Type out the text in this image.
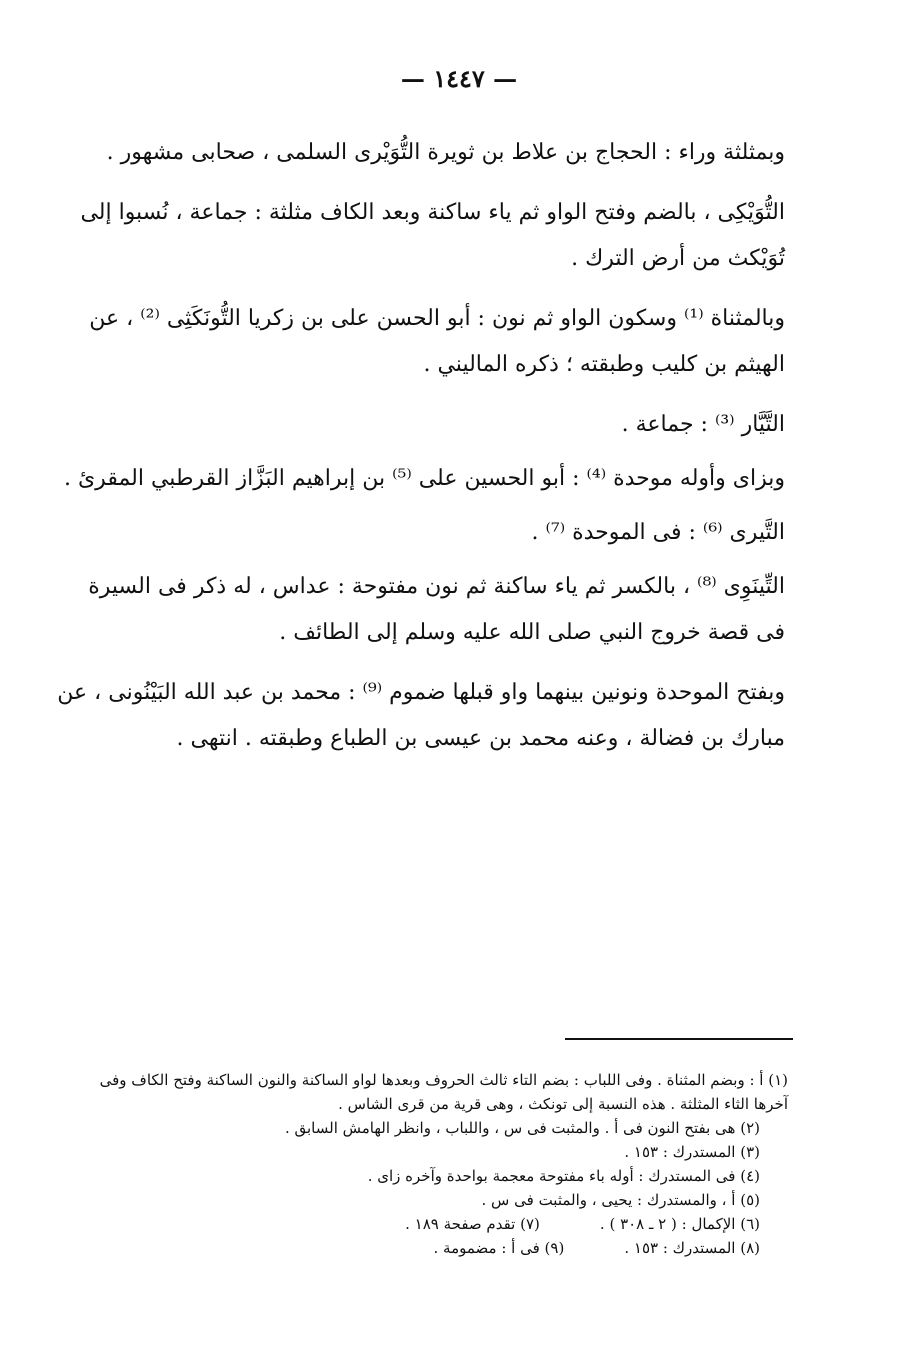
— ١٤٤٧ —

وبمثلثة وراء : الحجاج بن علاط بن ثويرة التُّوَيْرى السلمى ، صحابى مشهور .

التُّوَيْكِى ، بالضم وفتح الواو ثم ياء ساكنة وبعد الكاف مثلثة : جماعة ، نُسبوا إلى تُوَيْكث من أرض الترك .

وبالمثناة ⁽¹⁾ وسكون الواو ثم نون : أبو الحسن على بن زكريا التُّونَكَثِى ⁽²⁾ ، عن الهيثم بن كليب وطبقته ؛ ذكره الماليني .

التَّيَّار ⁽³⁾ : جماعة .

وبزاى وأوله موحدة ⁽⁴⁾ : أبو الحسين على ⁽⁵⁾ بن إبراهيم البَزَّاز القرطبي المقرئ .

التَّيرى ⁽⁶⁾ : فى الموحدة ⁽⁷⁾ .

التِّينَوِى ⁽⁸⁾ ، بالكسر ثم ياء ساكنة ثم نون مفتوحة : عداس ، له ذكر فى السيرة فى قصة خروج النبي صلى الله عليه وسلم إلى الطائف .

وبفتح الموحدة ونونين بينهما واو قبلها ضموم ⁽⁹⁾ : محمد بن عبد الله البَيْنُونى ، عن مبارك بن فضالة ، وعنه محمد بن عيسى بن الطباع وطبقته . انتهى .

(١) أ : وبضم المثناة . وفى اللباب : بضم التاء ثالث الحروف وبعدها لواو الساكنة والنون الساكنة وفتح الكاف وفى آخرها الثاء المثلثة . هذه النسبة إلى تونكث ، وهى قرية من قرى الشاس .

(٢) هى بفتح النون فى أ . والمثبت فى س ، واللباب ، وانظر الهامش السابق .

(٣) المستدرك : ١٥٣ .

(٤) فى المستدرك : أوله باء مفتوحة معجمة بواحدة وآخره زاى .

(٥) أ ، والمستدرك : يحيى ، والمثبت فى س .

(٦) الإكمال : ( ٢ ـ ٣٠٨ ) .(٧) تقدم صفحة ١٨٩ .

(٨) المستدرك : ١٥٣ .(٩) فى أ : مضمومة .
